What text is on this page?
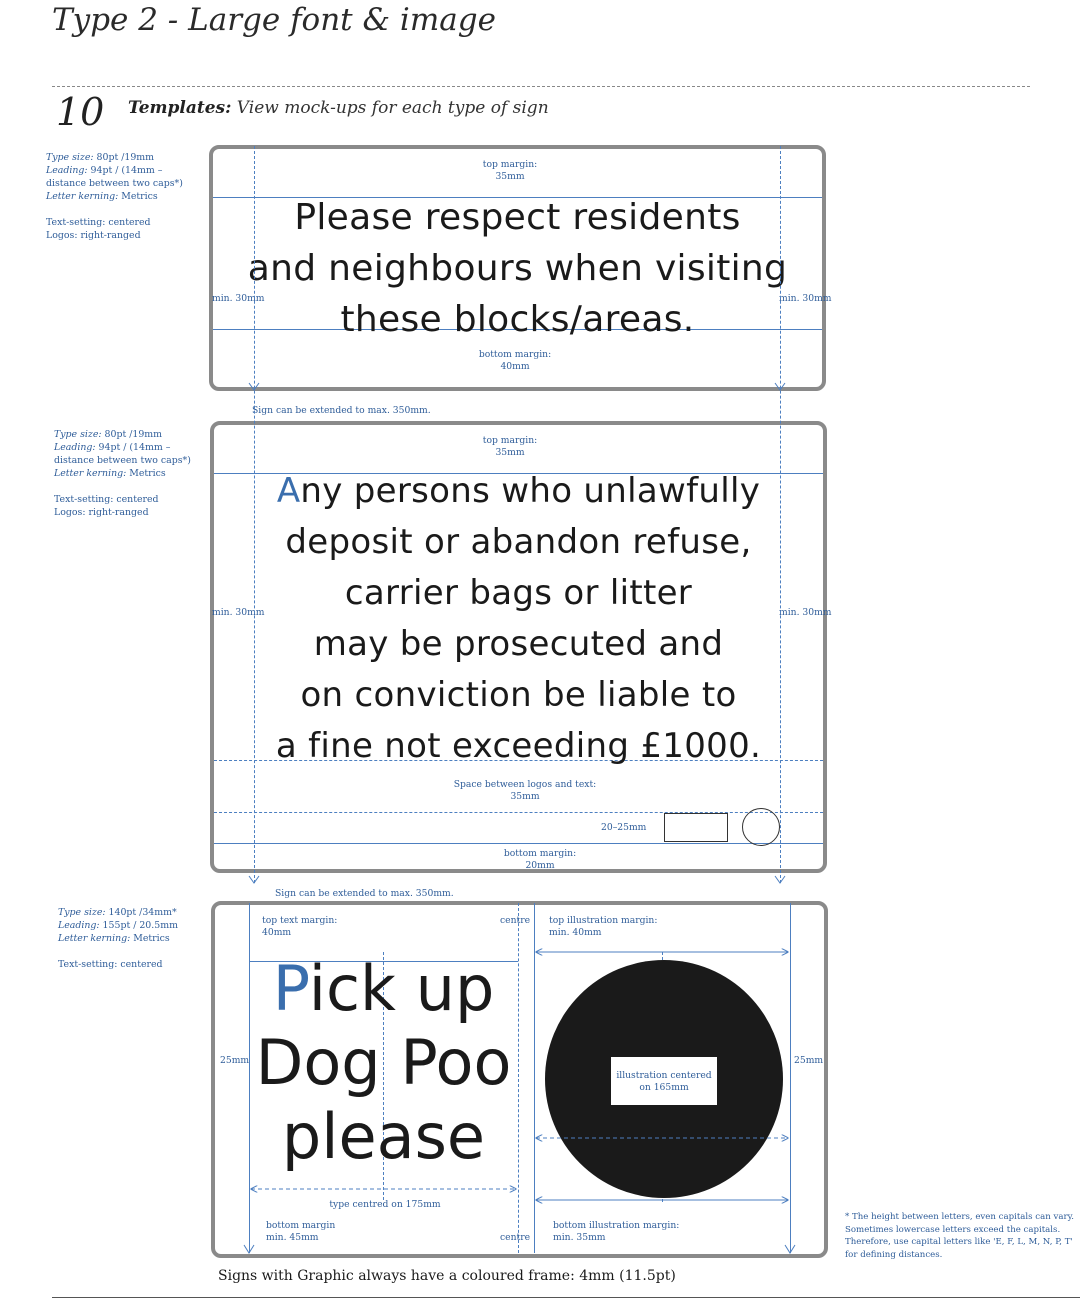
Type 2 - Large font & image
10 Templates: View mock-ups for each type of sign

Type size: 80pt /19mm

Leading: 94pt / (14mm –

distance between two caps*)

Letter kerning: Metrics

Text-setting: centered

Logos: right-ranged

Type size: 80pt /19mm

Leading: 94pt / (14mm –

distance between two caps*)

Letter kerning: Metrics

Text-setting: centered

Logos: right-ranged

Type size: 140pt /34mm*

Leading: 155pt / 20.5mm

Letter kerning: Metrics

Text-setting: centered

top margin:
35mm
Please respect residents
and neighbours when visiting
these blocks/areas.
min. 30mm	min. 30mm
bottom margin:
40mm
Sign can be extended to max. 350mm.
top margin:
35mm
Any persons who unlawfully
deposit or abandon refuse,
carrier bags or litter
may be prosecuted and
on conviction be liable to
a fine not exceeding £1000.
min. 30mm	min. 30mm
Space between logos and text:
35mm
20–25mm
bottom margin:
20mm
Sign can be extended to max. 350mm.
top text margin:
40mm
centre top illustration margin:
min. 40mm
Pick up
Dog Poo
please
25mm	25mm
illustration centered
on 165mm
type centred on 175mm
bottom margin
min. 45mm	centre
bottom illustration margin:
min. 35mm
* The height between letters, even capitals can vary.
Sometimes lowercase letters exceed the capitals.
Therefore, use capital letters like 'E, F, L, M, N, P, T'
for defining distances.
Signs with Graphic always have a coloured frame: 4mm (11.5pt)
